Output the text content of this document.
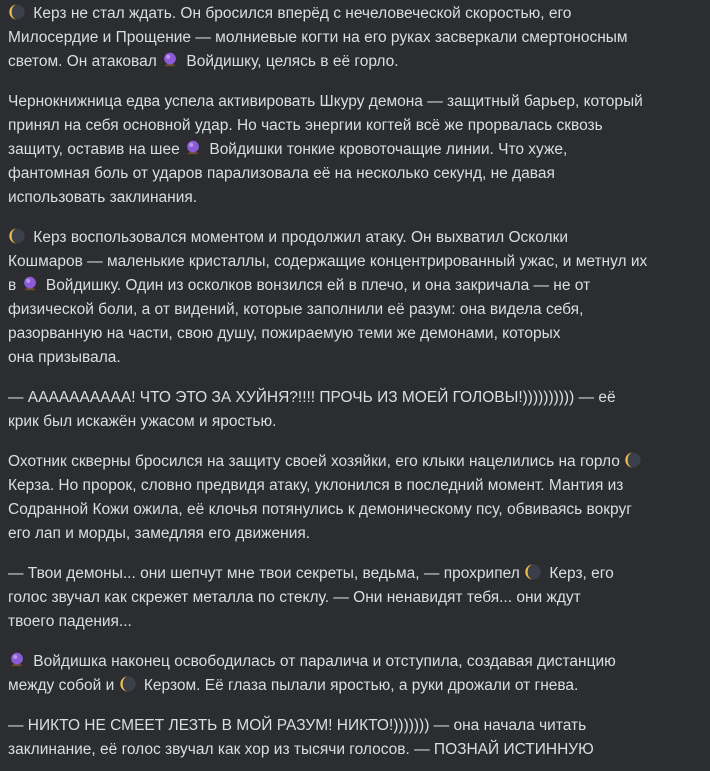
Керз не стал ждать. Он бросился вперёд с нечеловеческой скоростью, его
Милосердие и Прощение — молниевые когти на его руках засверкали смертоносным
светом. Он атаковал
Войдишку, целясь в её горло.
Чернокнижница едва успела активировать Шкуру демона — защитный барьер, который
принял на себя основной удар. Но часть энергии когтей всё же прорвалась сквозь
защиту, оставив на шее
Войдишки тонкие кровоточащие линии. Что хуже,
фантомная боль от ударов парализовала её на несколько секунд, не давая
использовать заклинания.
Керз воспользовался моментом и продолжил атаку. Он выхватил Осколки
Кошмаров — маленькие кристаллы, содержащие концентрированный ужас, и метнул их
в
Войдишку. Один из осколков вонзился ей в плечо, и она закричала — не от
физической боли, а от видений, которые заполнили её разум: она видела себя,
разорванную на части, свою душу, пожираемую теми же демонами, которых
она призывала.
— АААААААААА! ЧТО ЭТО ЗА ХУЙНЯ?!!!! ПРОЧЬ ИЗ МОЕЙ ГОЛОВЫ!)))))))))) — её
крик был искажён ужасом и яростью.
Охотник скверны бросился на защиту своей хозяйки, его клыки нацелились на горло
Керза. Но пророк, словно предвидя атаку, уклонился в последний момент. Мантия из
Содранной Кожи ожила, её клочья потянулись к демоническому псу, обвиваясь вокруг
его лап и морды, замедляя его движения.
— Твои демоны... они шепчут мне твои секреты, ведьма, — прохрипел
Керз, его
голос звучал как скрежет металла по стеклу. — Они ненавидят тебя... они ждут
твоего падения...
Войдишка наконец освободилась от паралича и отступила, создавая дистанцию
между собой и
Керзом. Её глаза пылали яростью, а руки дрожали от гнева.
— НИКТО НЕ СМЕЕТ ЛЕЗТЬ В МОЙ РАЗУМ! НИКТО!))))))) — она начала читать
заклинание, её голос звучал как хор из тысячи голосов. — ПОЗНАЙ ИСТИННУЮ
